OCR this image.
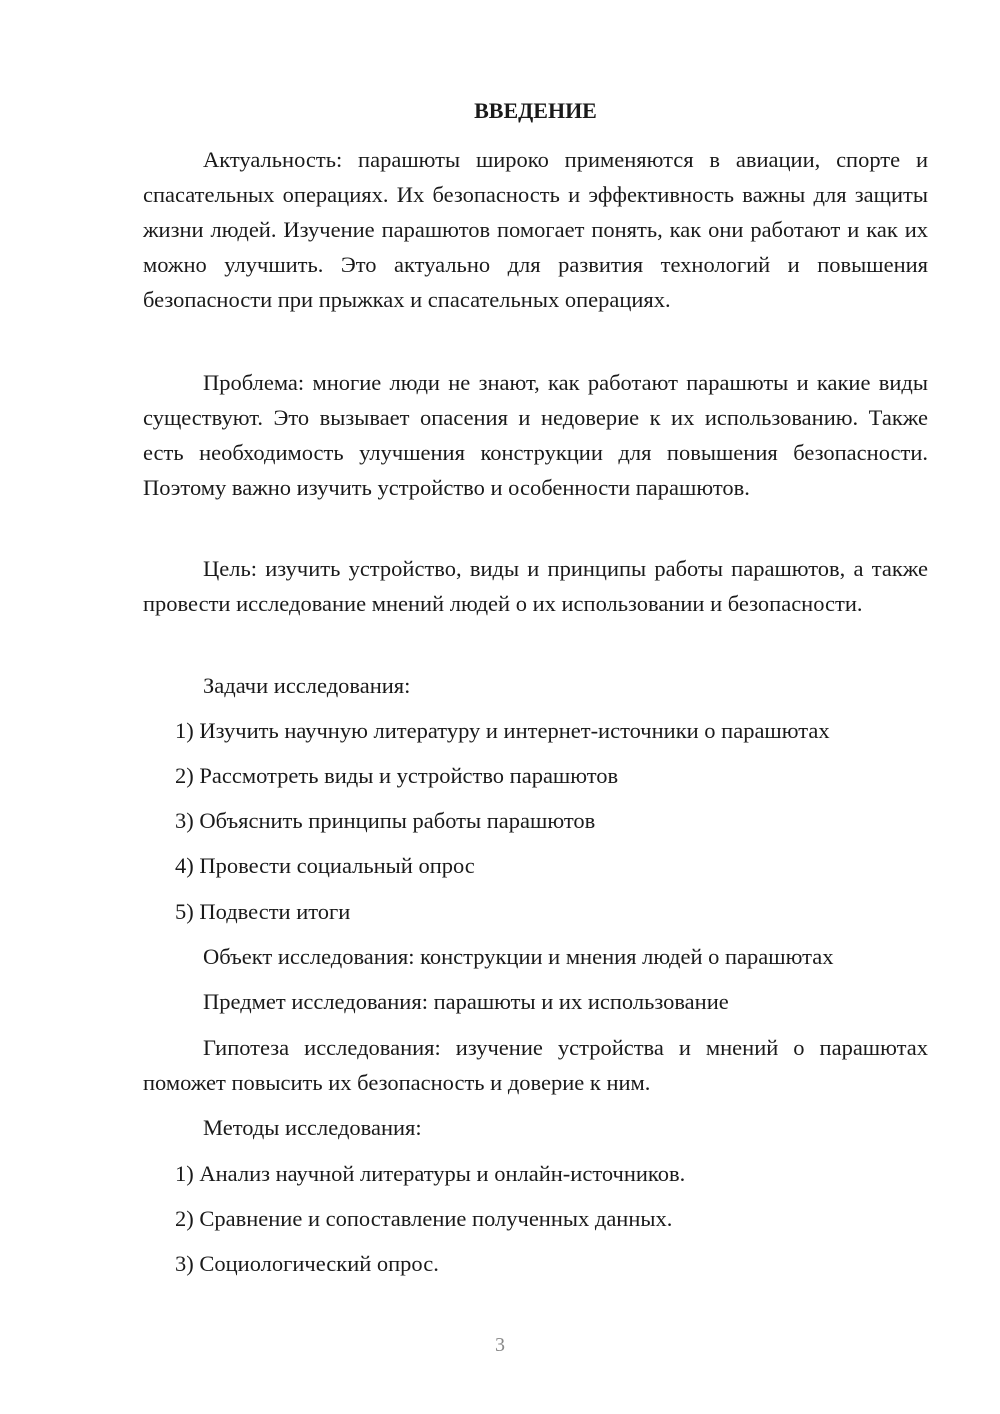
ВВЕДЕНИЕ

Актуальность: парашюты широко применяются в авиации, спорте и спасательных операциях. Их безопасность и эффективность важны для защиты жизни людей. Изучение парашютов помогает понять, как они работают и как их можно улучшить. Это актуально для развития технологий и повышения безопасности при прыжках и спасательных операциях.

Проблема: многие люди не знают, как работают парашюты и какие виды существуют. Это вызывает опасения и недоверие к их использованию. Также есть необходимость улучшения конструкции для повышения безопасности. Поэтому важно изучить устройство и особенности парашютов.

Цель: изучить устройство, виды и принципы работы парашютов, а также провести исследование мнений людей о их использовании и безопасности.

Задачи исследования:
1) Изучить научную литературу и интернет-источники о парашютах
2) Рассмотреть виды и устройство парашютов
3) Объяснить принципы работы парашютов
4) Провести социальный опрос
5) Подвести итоги
Объект исследования: конструкции и мнения людей о парашютах
Предмет исследования: парашюты и их использование

Гипотеза исследования: изучение устройства и мнений о парашютах поможет повысить их безопасность и доверие к ним.

Методы исследования:
1) Анализ научной литературы и онлайн-источников.
2) Сравнение и сопоставление полученных данных.
3) Социологический опрос.
3
